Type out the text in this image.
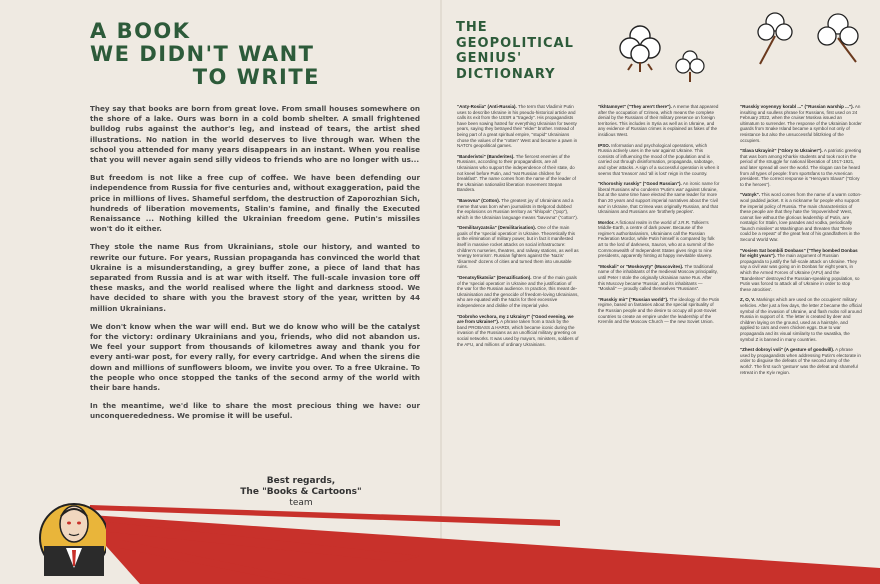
A BOOK
WE DIDN'T WANT
TO WRITE

They say that books are born from great love. From small houses somewhere on the shore of a lake. Ours was born in a cold bomb shelter. A small frightened bulldog rubs against the author's leg, and instead of tears, the artist shed illustrations. No nation in the world deserves to live through war. When the school you attended for many years disappears in an instant. When you realise that you will never again send silly videos to friends who are no longer with us...

But freedom is not like a free cup of coffee. We have been defending our independence from Russia for five centuries and, without exaggeration, paid the price in millions of lives. Shameful serfdom, the destruction of Zaporozhian Sich, hundreds of liberation movements, Stalin's famine, and finally the Executed Renaissance ... Nothing killed the Ukrainian freedom gene. Putin's missiles won't do it either.

They stole the name Rus from Ukrainians, stole our history, and wanted to rewrite our future. For years, Russian propaganda has convinced the world that Ukraine is a misunderstanding, a grey buffer zone, a piece of land that has separated from Russia and is at war with itself. The full-scale invasion tore off these masks, and the world realised where the light and darkness stood. We have decided to share with you the bravest story of the year, written by 44 million Ukrainians.

We don't know when the war will end. But we do know who will be the catalyst for the victory: ordinary Ukrainians and you, friends, who did not abandon us. We feel your support from thousands of kilometres away and thank you for every anti-war post, for every rally, for every cartridge. And when the sirens die down and millions of sunflowers bloom, we invite you over. To a free Ukraine. To the people who once stopped the tanks of the second army of the world with their bare hands.

In the meantime, we'd like to share the most precious thing we have: our unconquerededness. We promise it will be useful.

Best regards,
The "Books & Cartoons"
team
THE
GEOPOLITICAL
GENIUS'
DICTIONARY

"Anty-Rosiia" (Anti-Russia). The term that Vladimir Putin uses to describe Ukraine in his pseudo-historical article and calls its exit from the USSR a "tragedy". His propagandists have been sowing hatred for everything Ukrainian for twenty years, saying they betrayed their "elder" brother. Instead of being part of a great spiritual empire, "stupid" Ukrainians chose the values of the "rotten" West and became a pawn in NATO's geopolitical games.

"Banderivtsi" (Banderites). The fiercest enemies of the Russians, according to their propagandists, are all Ukrainians who support the independence of their state, do not kneel before Putin, and "eat Russian children for breakfast". The name comes from the name of the leader of the Ukrainian nationalist liberation movement Stepan Bandera.

"Bavovna" (Cotton). The greatest joy of Ukrainians and a meme that was born when journalists in Belgorod dubbed the explosions on Russian territory as "khlopok" ("pop"), which in the Ukrainian language means "bavovna" ("cotton").

"Demilitaryzatsiia" (Demilitarisation). One of the main goals of the 'special operation' in Ukraine. Theoretically this is the elimination of military power, but in fact it manifested itself in massive rocket attacks on social infrastructure: children's nurseries, theatres, and railway stations, as well as 'energy terrorism'. Russian fighters against the 'Nazis' 'disarmed' dozens of cities and turned them into unusable ruins.

"Denatsyfikatsiia" (Denazification). One of the main goals of the 'special operation' in Ukraine and the justification of the war for the Russian audience. In practice, this meant de-Ukrainisation and the genocide of freedom-loving Ukrainians, who are equated with the Nazis for their excessive independence and dislike of the imperial yoke.

"Dobroho vechora, my z Ukrainy!" ("Good evening, we are from Ukraine!"). A phrase taken from a track by the band PROBASS Δ HARDI, which became iconic during the invasion of the Russians as an unofficial military greeting on social networks. It was used by mayors, ministers, soldiers of the AFU, and millions of ordinary Ukrainians.

"Ikhtamnyet" ("They aren't there"). A meme that appeared after the occupation of Crimea, which means the complete denial by the Russians of their military presence on foreign territories. This includes in Syria as well as in Ukraine, and any evidence of Russian crimes is explained as fakes of the insidious West.

IPSO. Information and psychological operations, which Russia actively uses in the war against Ukraine. This consists of influencing the mood of the population and is carried out through disinformation, propaganda, sabotage, and cyber attacks. A sign of a successful operation is when it seems that 'treason' and 'all is lost' reign in the country.

"Khoroshiy russkiy" ("Good Russian"). An ironic name for liberal Russians who condemn 'Putin's war' against Ukraine, but at the same time have elected the same leader for more than 20 years and support imperial narratives about the 'civil war' in Ukraine, that Crimea was originally Russian, and that Ukrainians and Russians are 'brotherly peoples'.

Mordor. A fictional realm in the world of J.R.R. Tolkien's Middle-Earth, a centre of dark power. Because of the regime's authoritarianism, Ukrainians call the Russian Federation Mordor, while Putin himself is compared by folk art to the lord of darkness, Sauron, who at a summit of the Commonwealth of Independent States gives rings to nine presidents, apparently hinting at happy inevitable slavery.

"Moskali" or "Moskovyty" (Muscovites). The traditional name of the inhabitants of the medieval Moscow principality, until Peter I stole the originally Ukrainian name Rus. After this Muscovy became 'Russia', and its inhabitants — "Moskali" — proudly called themselves "Russians".

"Russkiy mir" ("Russian world"). The ideology of the Putin regime, based on fantasies about the special spirituality of the Russian people and the desire to occupy all post-Soviet countries to create an empire under the leadership of the Kremlin and the Moscow Church — the new Soviet Union.

"Russkiy voyennyy korabl ..." ("Russian warship ..."). An insulting and soulless phrase for Russians, first used on 24 February 2022, when the cruiser Moskva issued an ultimatum to surrender. The response of the Ukrainian border guards from Snake Island became a symbol not only of resistance but also the unsuccessful blitzkrieg of the occupiers.

"Slava Ukrayini!" ("Glory to Ukraine!"). A patriotic greeting that was born among Kharkiv students and took root in the period of the struggle for national liberation of 1917-1921, and later spread all over the world. The slogan can be heard from all types of people: from sportsfans to the American president. The correct response is "Heroyam Slava!" ("Glory to the heroes").

"Vatnyk". This word comes from the name of a warm cotton-wool padded jacket. It is a nickname for people who support the imperial policy of Russia. The main characteristics of these people are that they hate the 'impoverished' West, cannot live without the glorious leadership of Putin, are nostalgic for Stalin, love parades and vodka, periodically "launch missiles" at Washington and threaten that "there could be a repeat" of the great feat of his grandfathers in the Second World War.

"Vosiem Sat bombili Donbass" ("They bombed Donbas for eight years"). The main argument of Russian propaganda to justify the full-scale attack on Ukraine. They say a civil war was going on in Donbas for eight years, in which the Armed Forces of Ukraine (AFU) and the "Banderites" destroyed the Russian-speaking population, so Putin was forced to attack all of Ukraine in order to stop these atrocities'.

Z, O, V. Markings which are used on the occupiers' military vehicles. After just a few days, the letter Z became the official symbol of the invasion of Ukraine, and flash mobs roll around Russia in support of it. The letter is created by deer and children laying on the ground, used as a hairstyle, and applied to cars and even chicken eggs. Due to war propaganda and its visual similarity to the swastika, the symbol Z is banned in many countries.

"Zhest dobroyi voli" (A gesture of goodwill). A phrase used by propagandists when addressing Putin's electorate in order to disguise the defeats of 'the second army of the world'. The first such 'gesture' was the defeat and shameful retreat in the Kyiv region.
